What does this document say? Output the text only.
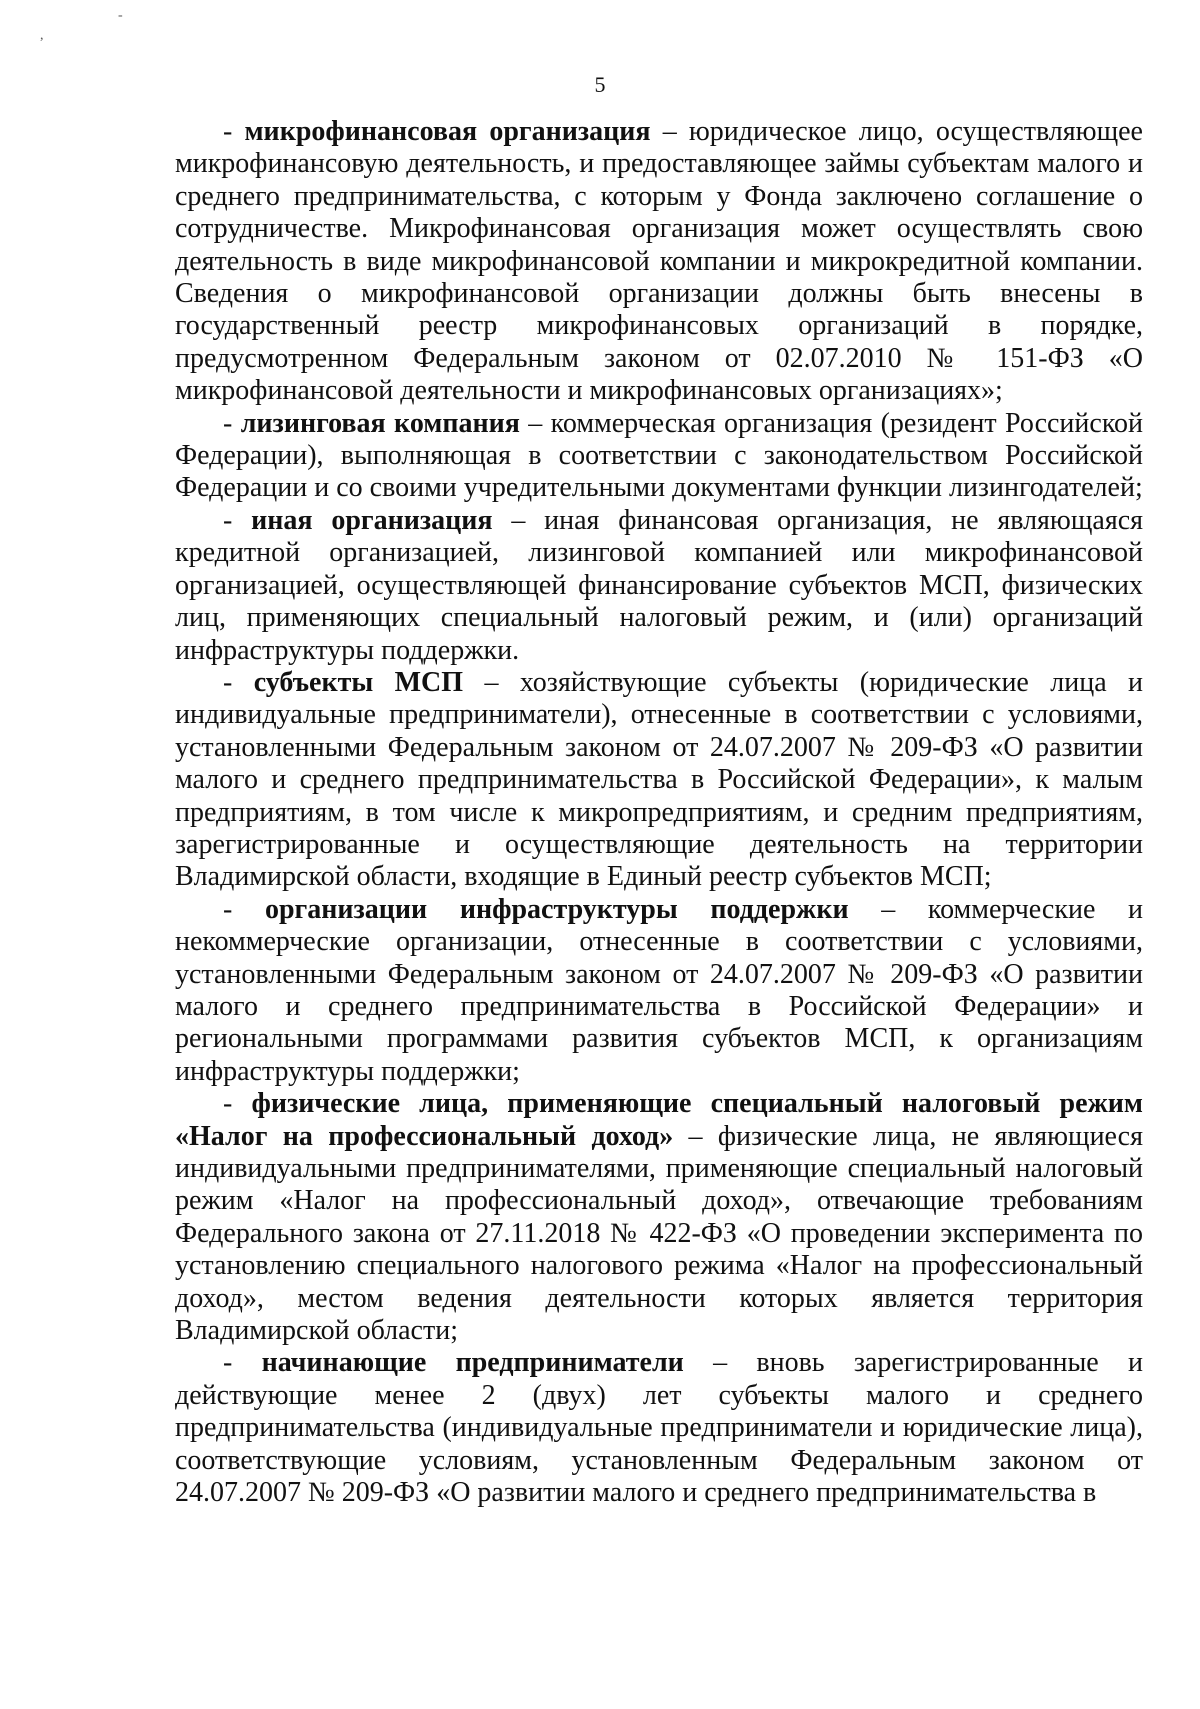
-
,
5

- микрофинансовая организация – юридическое лицо, осуществляющее микрофинансовую деятельность, и предоставляющее займы субъектам малого и среднего предпринимательства, с которым у Фонда заключено соглашение о сотрудничестве. Микрофинансовая организация может осуществлять свою деятельность в виде микрофинансовой компании и микрокредитной компании. Сведения о микрофинансовой организации должны быть внесены в государственный реестр микрофинансовых организаций в порядке, предусмотренном Федеральным законом от 02.07.2010 № 151-ФЗ «О микрофинансовой деятельности и микрофинансовых организациях»;

- лизинговая компания – коммерческая организация (резидент Российской Федерации), выполняющая в соответствии с законодательством Российской Федерации и со своими учредительными документами функции лизингодателей;

- иная организация – иная финансовая организация, не являющаяся кредитной организацией, лизинговой компанией или микрофинансовой организацией, осуществляющей финансирование субъектов МСП, физических лиц, применяющих специальный налоговый режим, и (или) организаций инфраструктуры поддержки.

- субъекты МСП – хозяйствующие субъекты (юридические лица и индивидуальные предприниматели), отнесенные в соответствии с условиями, установленными Федеральным законом от 24.07.2007 № 209-ФЗ «О развитии малого и среднего предпринимательства в Российской Федерации», к малым предприятиям, в том числе к микропредприятиям, и средним предприятиям, зарегистрированные и осуществляющие деятельность на территории Владимирской области, входящие в Единый реестр субъектов МСП;

- организации инфраструктуры поддержки – коммерческие и некоммерческие организации, отнесенные в соответствии с условиями, установленными Федеральным законом от 24.07.2007 № 209-ФЗ «О развитии малого и среднего предпринимательства в Российской Федерации» и региональными программами развития субъектов МСП, к организациям инфраструктуры поддержки;

- физические лица, применяющие специальный налоговый режим «Налог на профессиональный доход» – физические лица, не являющиеся индивидуальными предпринимателями, применяющие специальный налоговый режим «Налог на профессиональный доход», отвечающие требованиям Федерального закона от 27.11.2018 № 422-ФЗ «О проведении эксперимента по установлению специального налогового режима «Налог на профессиональный доход», местом ведения деятельности которых является территория Владимирской области;

- начинающие предприниматели – вновь зарегистрированные и действующие менее 2 (двух) лет субъекты малого и среднего предпринимательства (индивидуальные предприниматели и юридические лица), соответствующие условиям, установленным Федеральным законом от 24.07.2007 № 209-ФЗ «О развитии малого и среднего предпринимательства в
